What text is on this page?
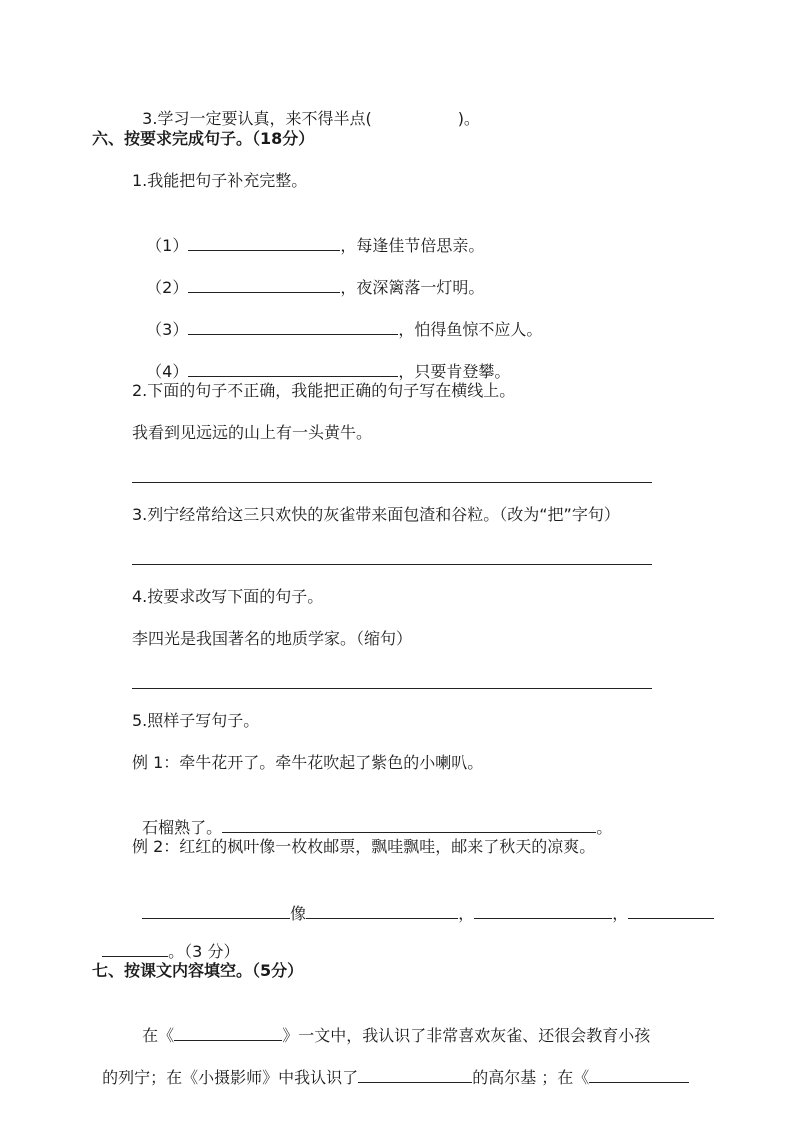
3.学习一定要认真，来不得半点(	)。

六、按要求完成句子。（18分）
1.我能把句子补充完整。

（1）	，每逢佳节倍思亲。

（2）	，夜深篱落一灯明。

（3）	，怕得鱼惊不应人。

（4）	，只要肯登攀。

2.下面的句子不正确，我能把正确的句子写在横线上。
我看到见远远的山上有一头黄牛。
3.列宁经常给这三只欢快的灰雀带来面包渣和谷粒。（改为“把”字句）
4.按要求改写下面的句子。
李四光是我国著名的地质学家。（缩句）
5.照样子写句子。
例 1：牵牛花开了。牵牛花吹起了紫色的小喇叭。

石榴熟了。	。

例 2：红红的枫叶像一枚枚邮票，飘哇飘哇，邮来了秋天的凉爽。

像	，	，

。（3 分）

七、按课文内容填空。（5分）

在《	》一文中，我认识了非常喜欢灰雀、还很会教育小孩

的列宁；在《小摄影师》中我认识了	的高尔基 ；在《
